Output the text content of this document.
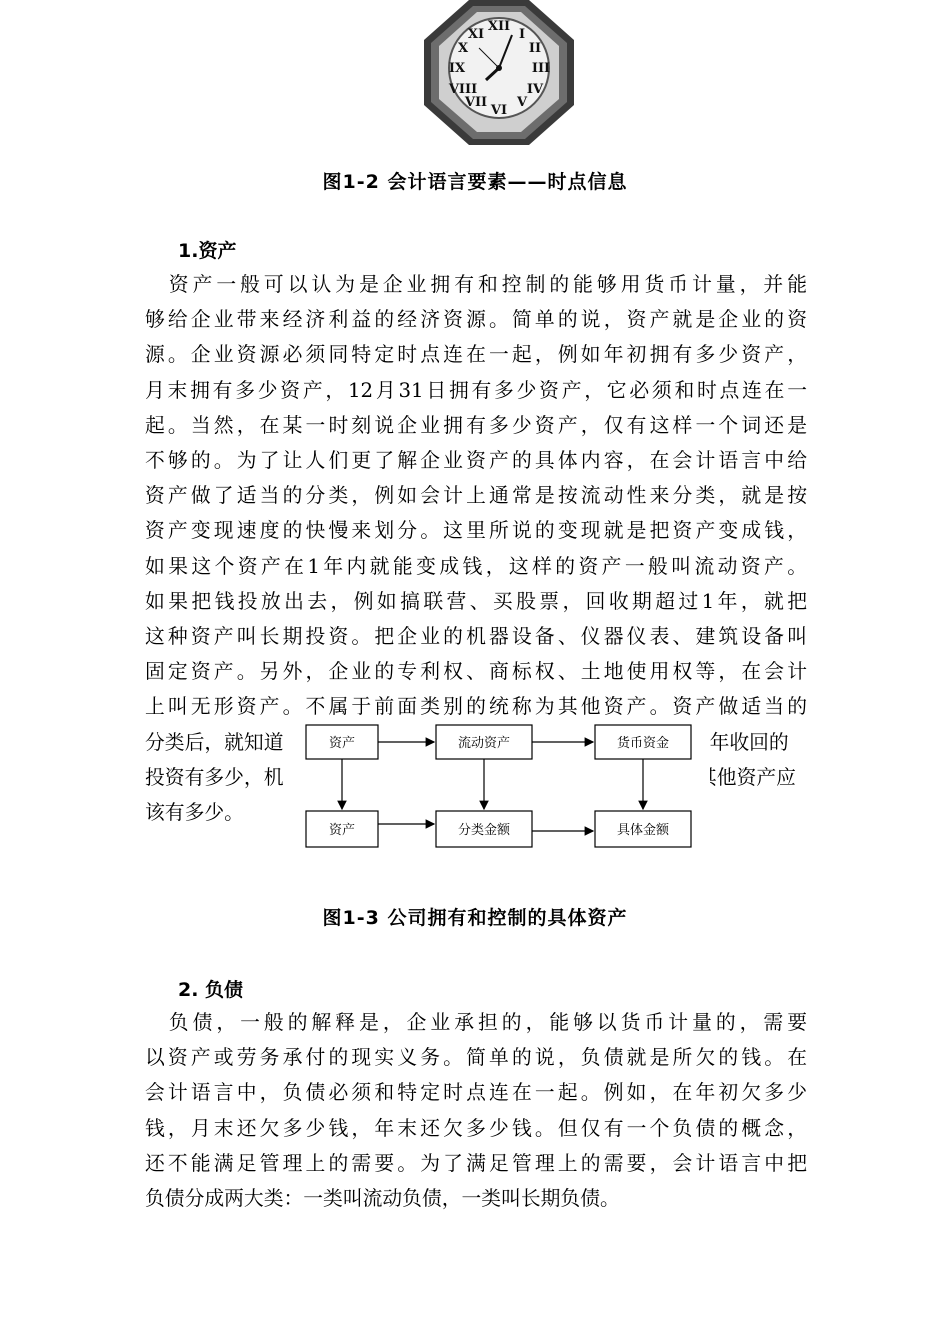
XII
III
VI
IX
I
II
IV
V
VII
VIII
X
XI
图1-2 会计语言要素——时点信息
1.资产
　资产一般可以认为是企业拥有和控制的能够用货币计量，并能
够给企业带来经济利益的经济资源。简单的说，资产就是企业的资
源。企业资源必须同特定时点连在一起，例如年初拥有多少资产，
月末拥有多少资产，12月31日拥有多少资产，它必须和时点连在一
起。当然，在某一时刻说企业拥有多少资产，仅有这样一个词还是
不够的。为了让人们更了解企业资产的具体内容，在会计语言中给
资产做了适当的分类，例如会计上通常是按流动性来分类，就是按
资产变现速度的快慢来划分。这里所说的变现就是把资产变成钱，
如果这个资产在1年内就能变成钱，这样的资产一般叫流动资产。
如果把钱投放出去，例如搞联营、买股票，回收期超过1年，就把
这种资产叫长期投资。把企业的机器设备、仪器仪表、建筑设备叫
固定资产。另外，企业的专利权、商标权、土地使用权等，在会计
上叫无形资产。不属于前面类别的统称为其他资产。资产做适当的
分类后，就知道
投资有多少，机
该有多少。
1年收回的
其他资产应
资产	流动资产	货币资金
资产	分类金额	具体金额
图1-3 公司拥有和控制的具体资产
2. 负债
　负债，一般的解释是，企业承担的，能够以货币计量的，需要
以资产或劳务承付的现实义务。简单的说，负债就是所欠的钱。在
会计语言中，负债必须和特定时点连在一起。例如，在年初欠多少
钱，月末还欠多少钱，年末还欠多少钱。但仅有一个负债的概念，
还不能满足管理上的需要。为了满足管理上的需要，会计语言中把
负债分成两大类：一类叫流动负债，一类叫长期负债。
